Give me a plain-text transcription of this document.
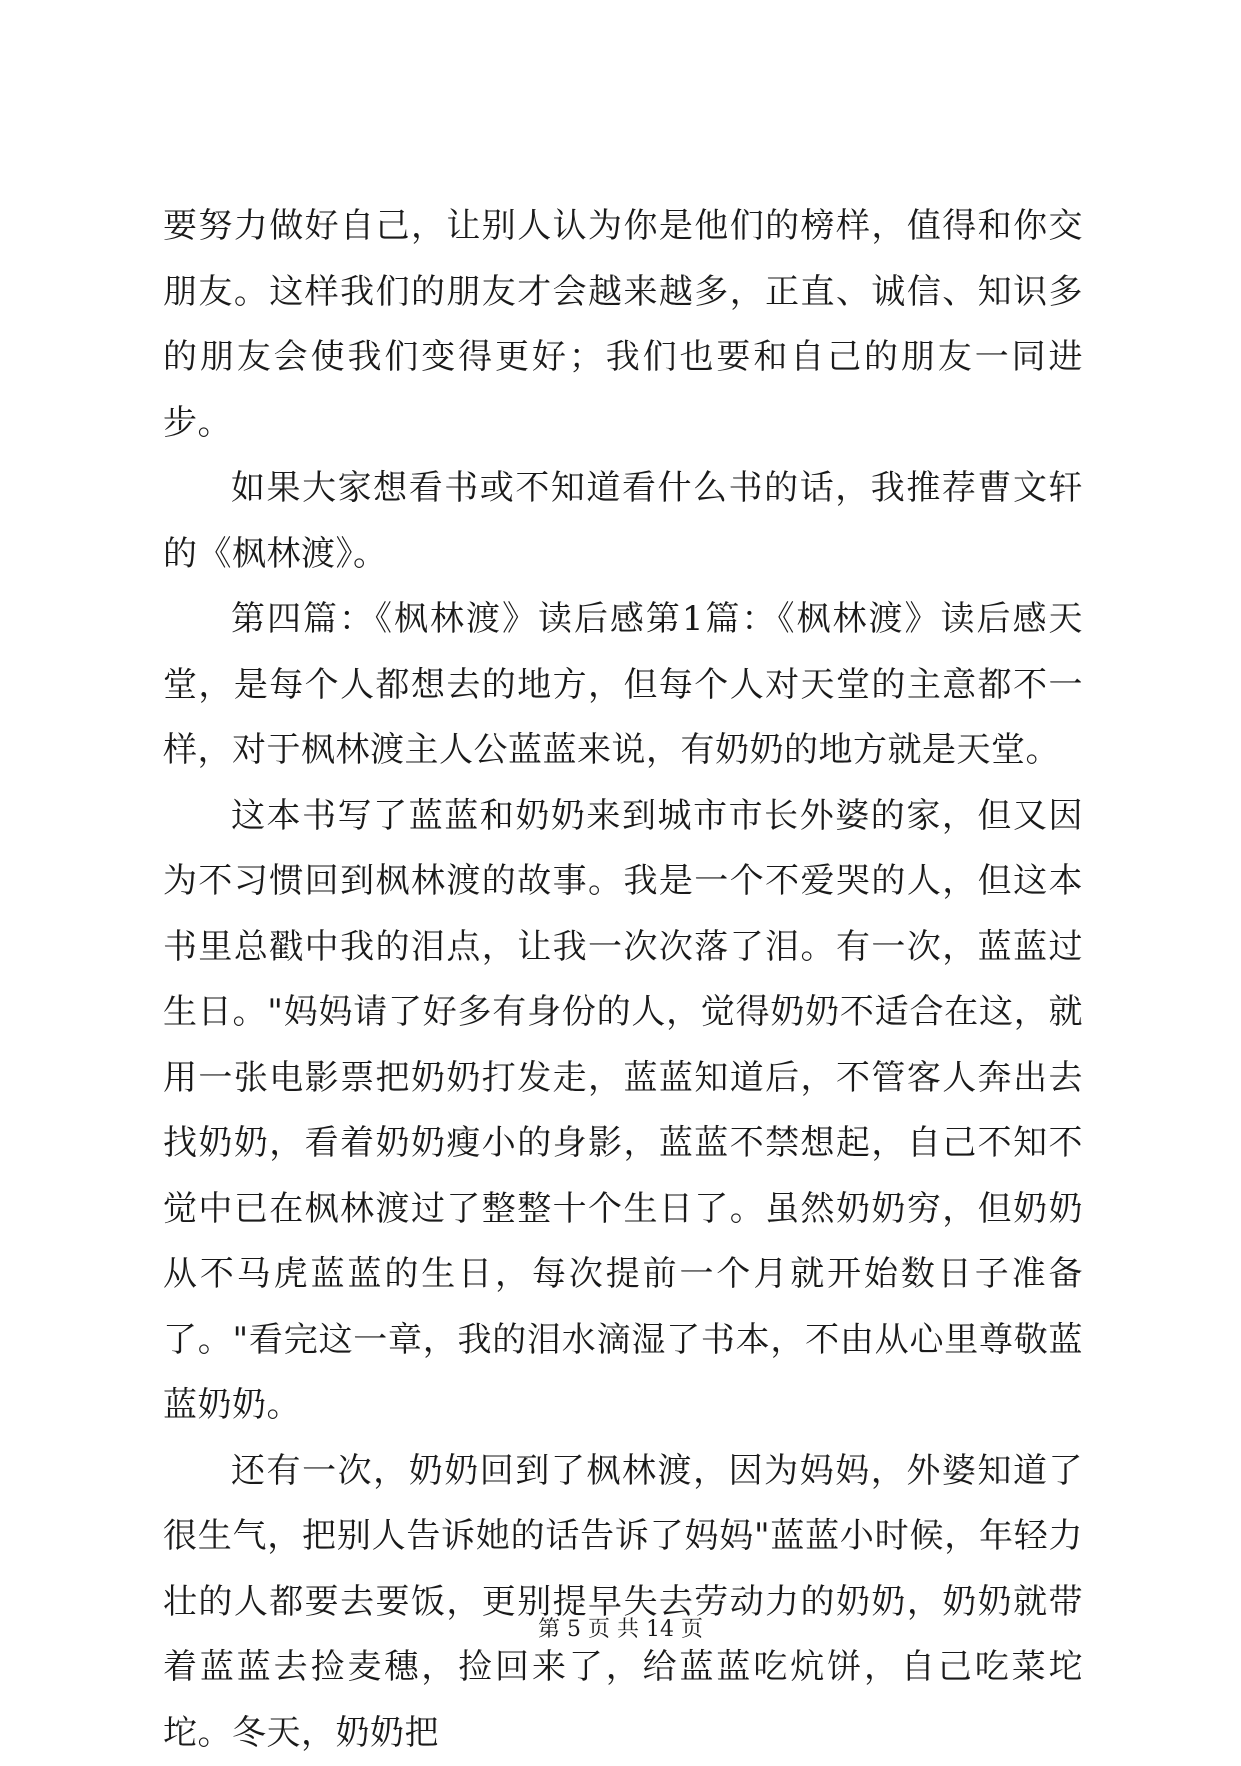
要努力做好自己，让别人认为你是他们的榜样，值得和你交朋友。这样我们的朋友才会越来越多，正直、诚信、知识多的朋友会使我们变得更好；我们也要和自己的朋友一同进步。

如果大家想看书或不知道看什么书的话，我推荐曹文轩的《枫林渡》。

第四篇：《枫林渡》读后感第1篇：《枫林渡》读后感天堂，是每个人都想去的地方，但每个人对天堂的主意都不一样，对于枫林渡主人公蓝蓝来说，有奶奶的地方就是天堂。

这本书写了蓝蓝和奶奶来到城市市长外婆的家，但又因为不习惯回到枫林渡的故事。我是一个不爱哭的人，但这本书里总戳中我的泪点，让我一次次落了泪。有一次，蓝蓝过生日。"妈妈请了好多有身份的人，觉得奶奶不适合在这，就用一张电影票把奶奶打发走，蓝蓝知道后，不管客人奔出去找奶奶，看着奶奶瘦小的身影，蓝蓝不禁想起，自己不知不觉中已在枫林渡过了整整十个生日了。虽然奶奶穷，但奶奶从不马虎蓝蓝的生日，每次提前一个月就开始数日子准备了。"看完这一章，我的泪水滴湿了书本，不由从心里尊敬蓝蓝奶奶。

还有一次，奶奶回到了枫林渡，因为妈妈，外婆知道了很生气，把别人告诉她的话告诉了妈妈"蓝蓝小时候，年轻力壮的人都要去要饭，更别提早失去劳动力的奶奶，奶奶就带着蓝蓝去捡麦穗，捡回来了，给蓝蓝吃炕饼，自己吃菜坨坨。冬天，奶奶把

第 5 页 共 14 页
